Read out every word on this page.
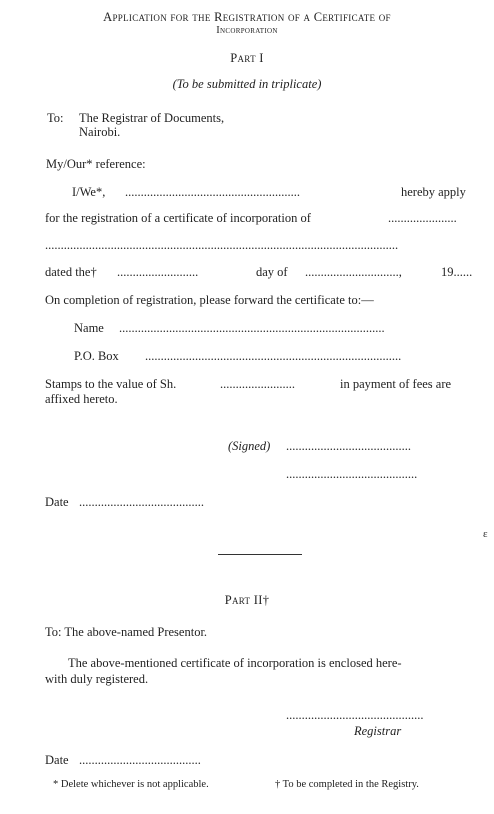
Application for the Registration of a Certificate of
Incorporation
Part I
(To be submitted in triplicate)
To: The Registrar of Documents,
Nairobi.
My/Our* reference:
I/We*, ........................................................	hereby apply
for the registration of a certificate of incorporation of	......................
.................................................................................................................
dated the† ..........................	day of ..............................,	19......
On completion of registration, please forward the certificate to:—
Name .....................................................................................
P.O. Box ..................................................................................
Stamps to the value of Sh.	........................	in payment of fees are
affixed hereto.
(Signed) ........................................
..........................................
Date ........................................
ɛ
Part II†
To: The above-named Presentor.
The above-mentioned certificate of incorporation is enclosed here-
with duly registered.
............................................
Registrar
Date .......................................
* Delete whichever is not applicable.	† To be completed in the Registry.
